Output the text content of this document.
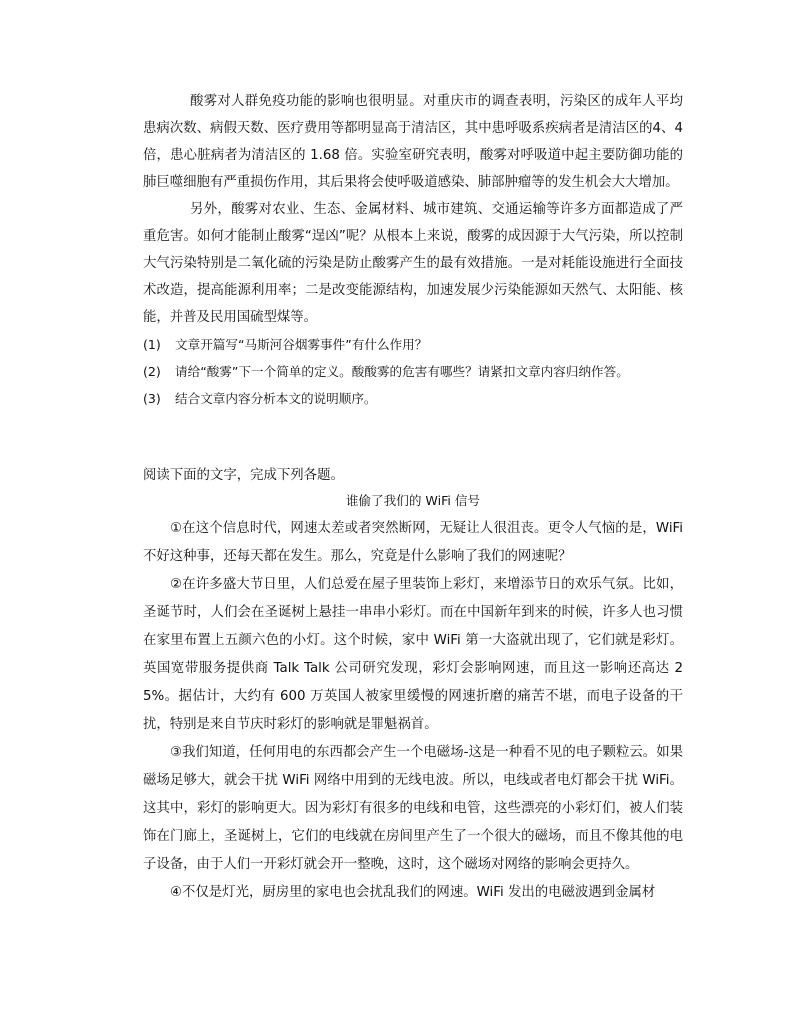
酸雾对人群免疫功能的影响也很明显。对重庆市的调查表明，污染区的成年人平均患病次数、病假天数、医疗费用等都明显高于清洁区，其中患呼吸系疾病者是清洁区的4、4 倍，患心脏病者为清洁区的 1.68 倍。实验室研究表明，酸雾对呼吸道中起主要防御功能的肺巨噬细胞有严重损伤作用，其后果将会使呼吸道感染、肺部肿瘤等的发生机会大大增加。

另外，酸雾对农业、生态、金属材料、城市建筑、交通运输等许多方面都造成了严重危害。如何才能制止酸雾“逞凶”呢？从根本上来说，酸雾的成因源于大气污染，所以控制大气污染特别是二氧化硫的污染是防止酸雾产生的最有效措施。一是对耗能设施进行全面技术改造，提高能源利用率；二是改变能源结构，加速发展少污染能源如天然气、太阳能、核能，并普及民用国硫型煤等。

(1)	文章开篇写“马斯河谷烟雾事件”有什么作用？
(2)	请给“酸雾”下一个简单的定义。酸酸雾的危害有哪些？请紧扣文章内容归纳作答。
(3)	结合文章内容分析本文的说明顺序。

阅读下面的文字，完成下列各题。

谁偷了我们的 WiFi 信号

①在这个信息时代，网速太差或者突然断网，无疑让人很沮丧。更令人气恼的是，WiFi 不好这种事，还每天都在发生。那么，究竟是什么影响了我们的网速呢？

②在许多盛大节日里，人们总爱在屋子里装饰上彩灯，来增添节日的欢乐气氛。比如，圣诞节时，人们会在圣诞树上悬挂一串串小彩灯。而在中国新年到来的时候，许多人也习惯在家里布置上五颜六色的小灯。这个时候，家中 WiFi 第一大盗就出现了，它们就是彩灯。英国宽带服务提供商 Talk Talk 公司研究发现，彩灯会影响网速，而且这一影响还高达 25%。据估计，大约有 600 万英国人被家里缓慢的网速折磨的痛苦不堪，而电子设备的干扰，特别是来自节庆时彩灯的影响就是罪魁祸首。

③我们知道，任何用电的东西都会产生一个电磁场-这是一种看不见的电子颗粒云。如果磁场足够大，就会干扰 WiFi 网络中用到的无线电波。所以，电线或者电灯都会干扰 WiFi。这其中，彩灯的影响更大。因为彩灯有很多的电线和电管，这些漂亮的小彩灯们，被人们装饰在门廊上，圣诞树上，它们的电线就在房间里产生了一个很大的磁场，而且不像其他的电子设备，由于人们一开彩灯就会开一整晚，这时，这个磁场对网络的影响会更持久。

④不仅是灯光，厨房里的家电也会扰乱我们的网速。WiFi 发出的电磁波遇到金属材
